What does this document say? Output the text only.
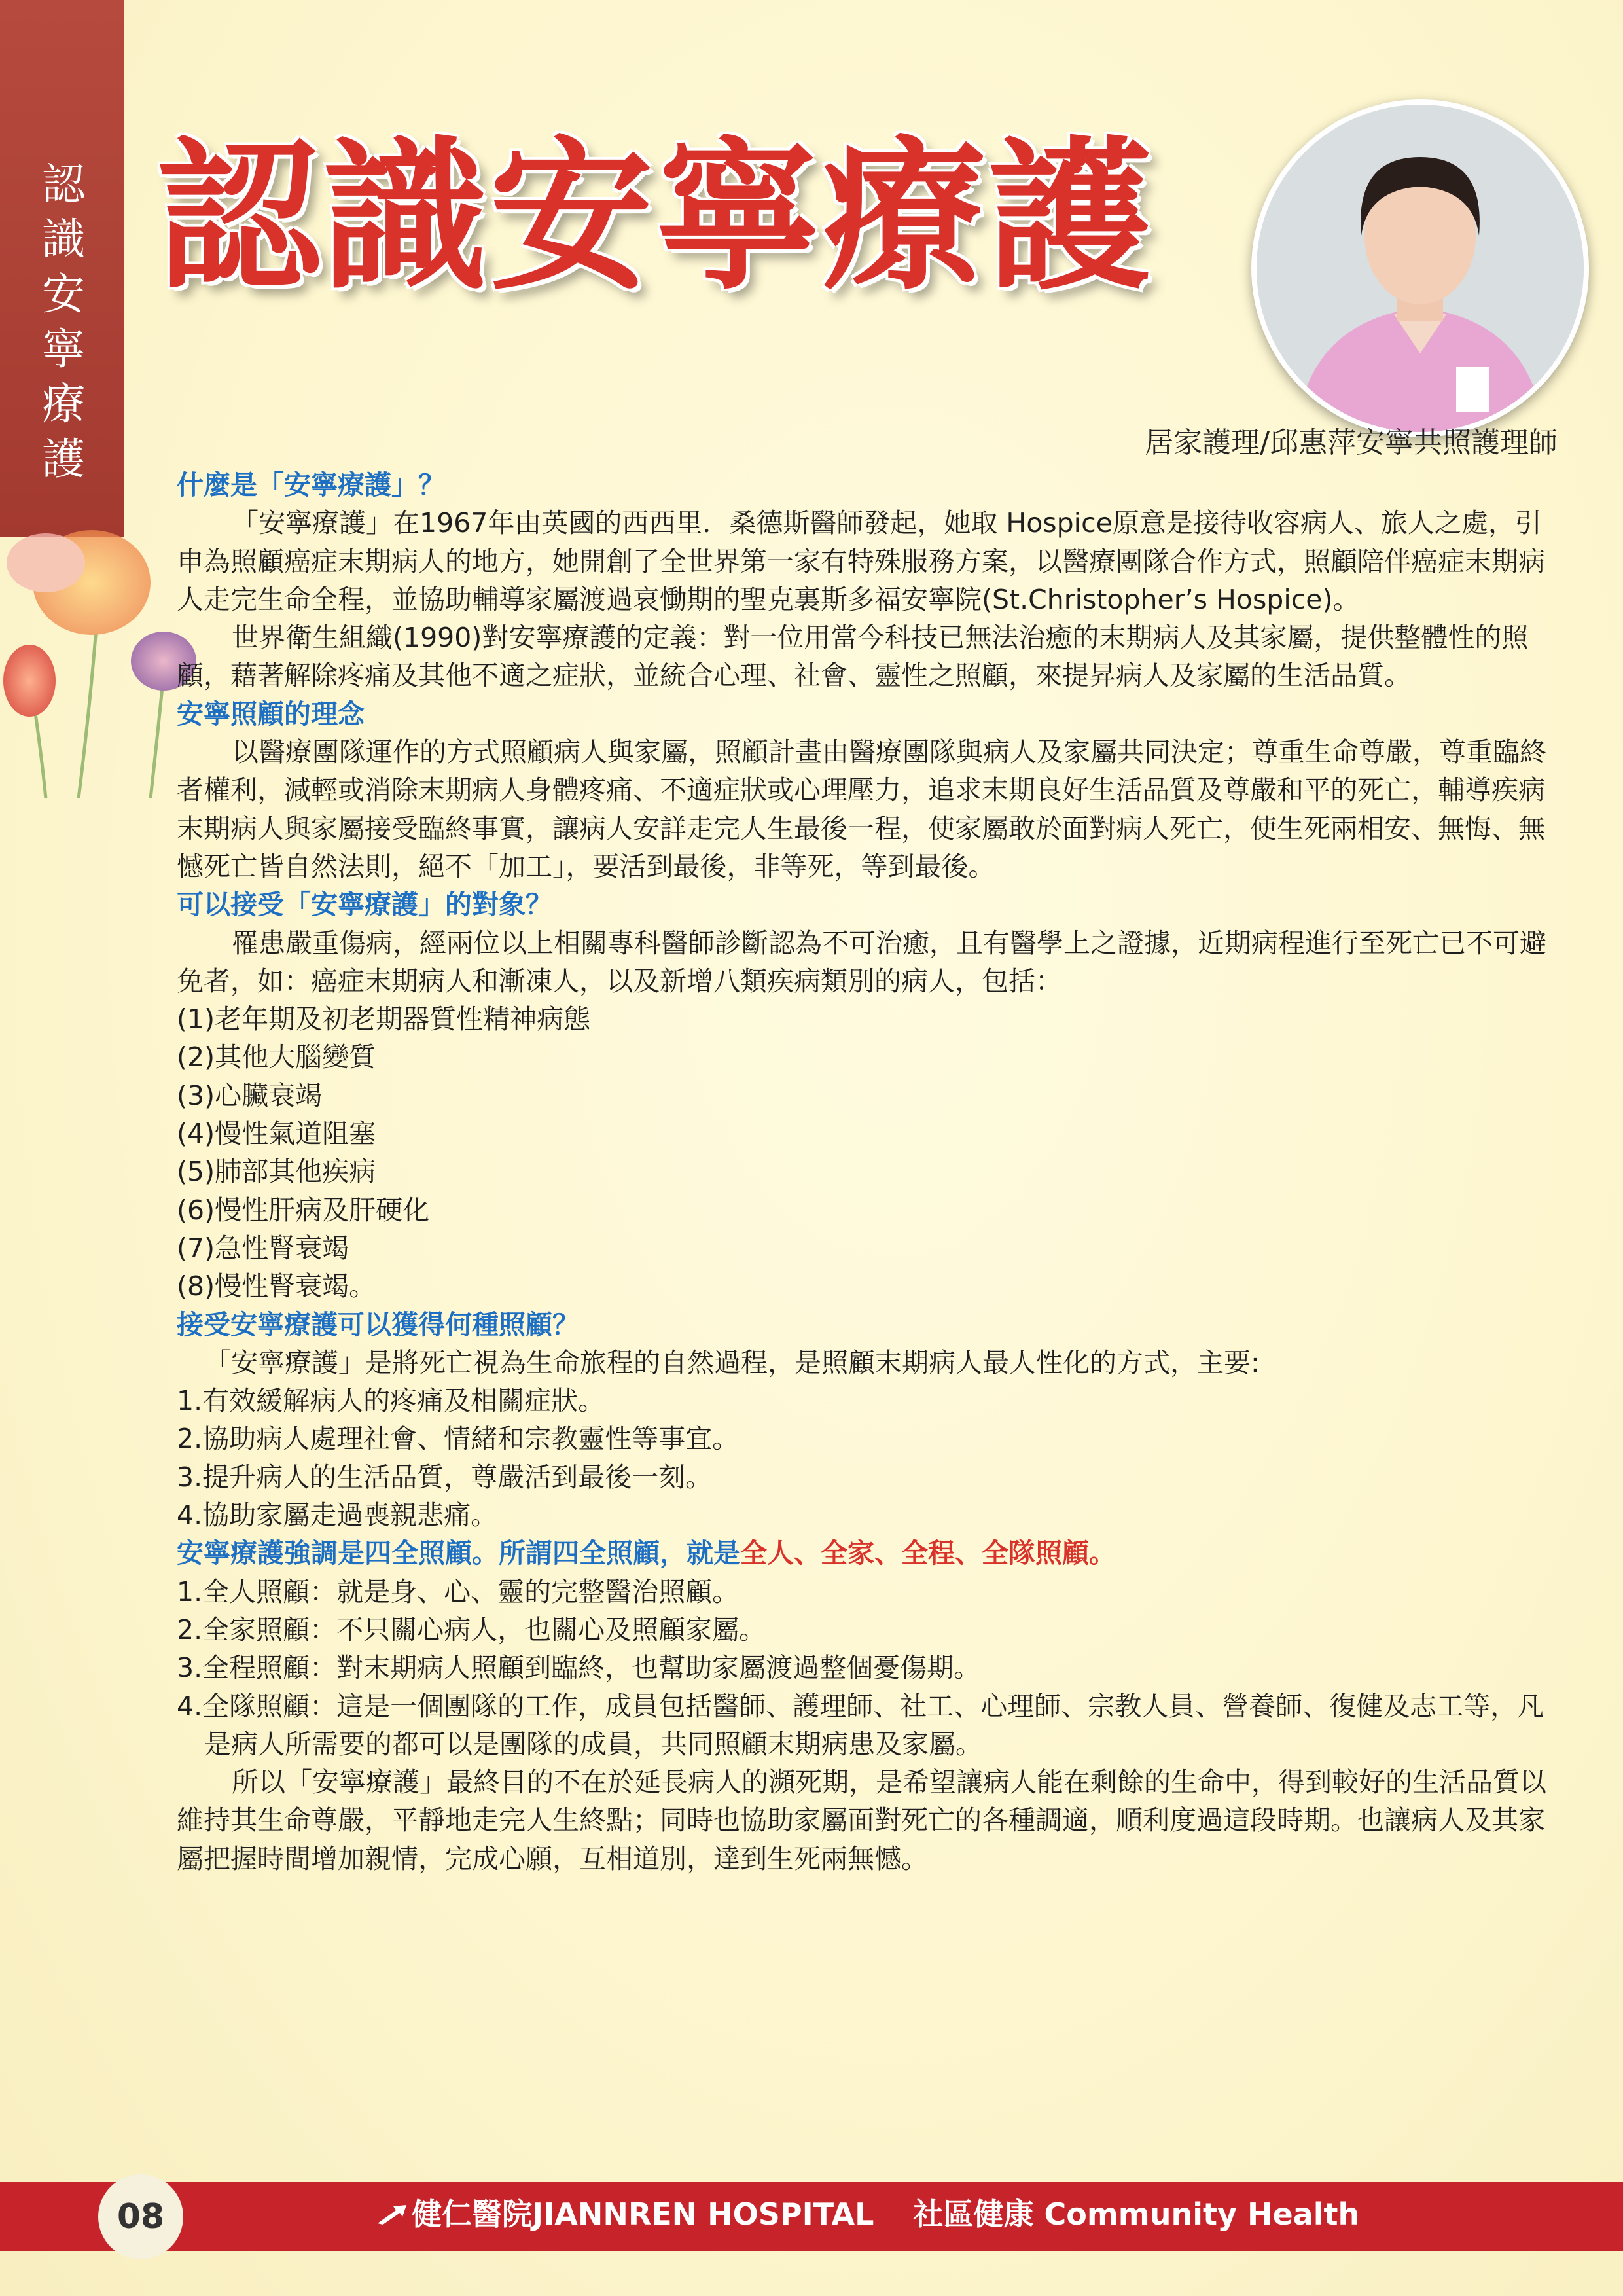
認
識
安
寧
療
護
認識安寧療護
居家護理/邱惠萍安寧共照護理師

什麼是「安寧療護」？

「安寧療護」在1967年由英國的西西里．桑德斯醫師發起，她取 Hospice原意是接待收容病人、旅人之處，引申為照顧癌症末期病人的地方，她開創了全世界第一家有特殊服務方案，以醫療團隊合作方式，照顧陪伴癌症末期病人走完生命全程，並協助輔導家屬渡過哀慟期的聖克裏斯多福安寧院(St.Christopher’s Hospice)。

世界衛生組織(1990)對安寧療護的定義：對一位用當今科技已無法治癒的末期病人及其家屬，提供整體性的照顧，藉著解除疼痛及其他不適之症狀，並統合心理、社會、靈性之照顧，來提昇病人及家屬的生活品質。

安寧照顧的理念

以醫療團隊運作的方式照顧病人與家屬，照顧計畫由醫療團隊與病人及家屬共同決定；尊重生命尊嚴，尊重臨終者權利，減輕或消除末期病人身體疼痛、不適症狀或心理壓力，追求末期良好生活品質及尊嚴和平的死亡，輔導疾病末期病人與家屬接受臨終事實，讓病人安詳走完人生最後一程，使家屬敢於面對病人死亡，使生死兩相安、無悔、無憾死亡皆自然法則，絕不「加工」，要活到最後，非等死，等到最後。

可以接受「安寧療護」的對象？

罹患嚴重傷病，經兩位以上相關專科醫師診斷認為不可治癒，且有醫學上之證據，近期病程進行至死亡已不可避免者，如：癌症末期病人和漸凍人，以及新增八類疾病類別的病人，包括：

(1)老年期及初老期器質性精神病態

(2)其他大腦變質

(3)心臟衰竭

(4)慢性氣道阻塞

(5)肺部其他疾病

(6)慢性肝病及肝硬化

(7)急性腎衰竭

(8)慢性腎衰竭。

接受安寧療護可以獲得何種照顧？

「安寧療護」是將死亡視為生命旅程的自然過程，是照顧末期病人最人性化的方式，主要:

1.有效緩解病人的疼痛及相關症狀。

2.協助病人處理社會、情緒和宗教靈性等事宜。

3.提升病人的生活品質，尊嚴活到最後一刻。

4.協助家屬走過喪親悲痛。

安寧療護強調是四全照顧。所謂四全照顧，就是全人、全家、全程、全隊照顧。

1.全人照顧：就是身、心、靈的完整醫治照顧。

2.全家照顧：不只關心病人，也關心及照顧家屬。

3.全程照顧：對末期病人照顧到臨終，也幫助家屬渡過整個憂傷期。

4.全隊照顧：這是一個團隊的工作，成員包括醫師、護理師、社工、心理師、宗教人員、營養師、復健及志工等，凡是病人所需要的都可以是團隊的成員，共同照顧末期病患及家屬。

所以「安寧療護」最終目的不在於延長病人的瀕死期，是希望讓病人能在剩餘的生命中，得到較好的生活品質以維持其生命尊嚴，平靜地走完人生終點；同時也協助家屬面對死亡的各種調適，順利度過這段時期。也讓病人及其家屬把握時間增加親情，完成心願，互相道別，達到生死兩無憾。

08	健仁醫院JIANNREN HOSPITAL 社區健康 Community Health
